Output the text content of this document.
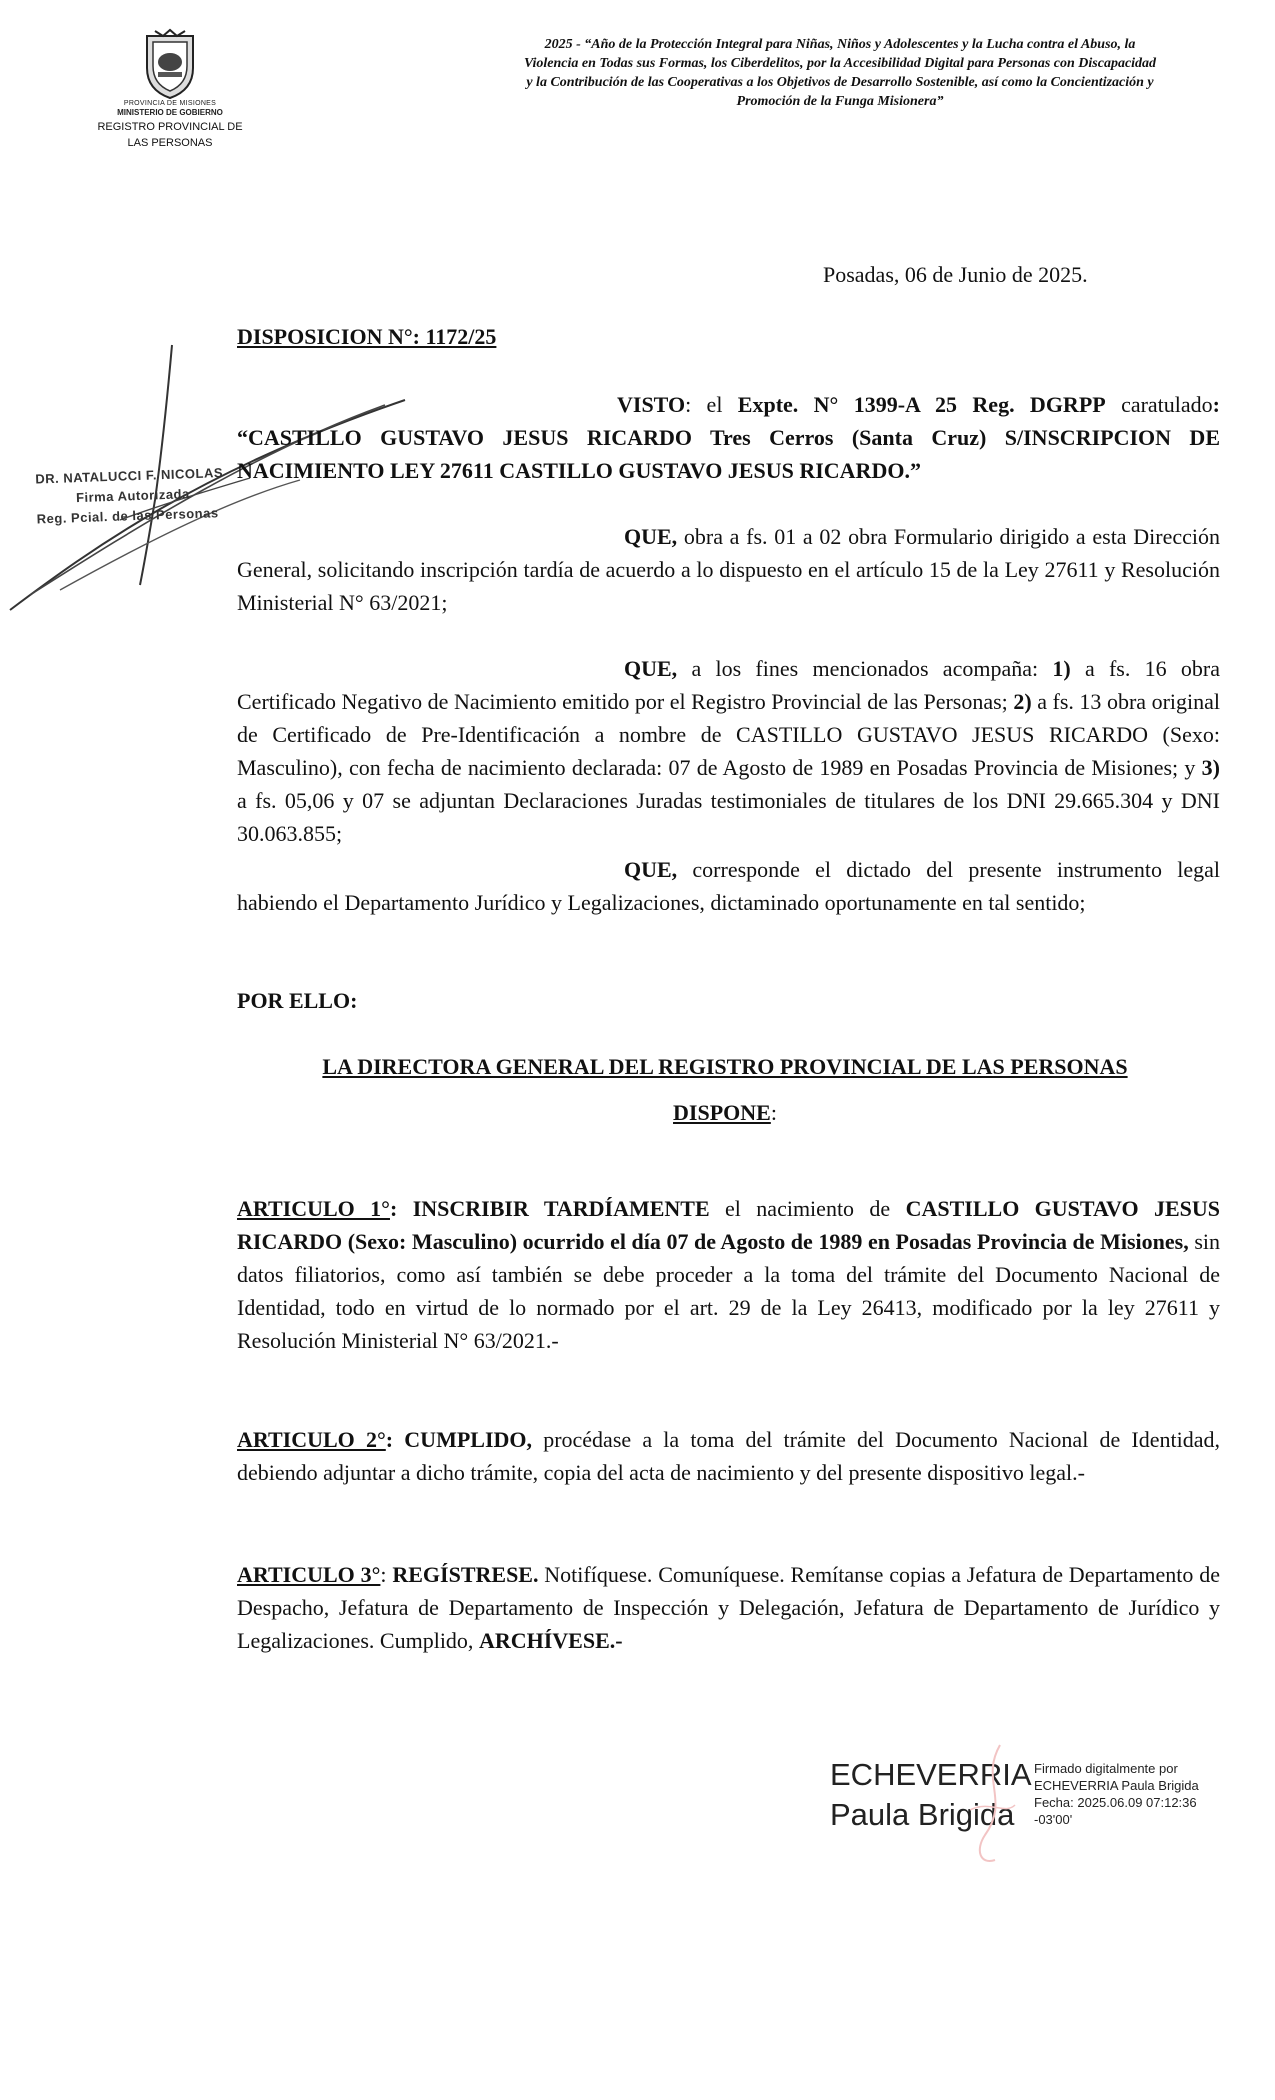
PROVINCIA DE MISIONES
MINISTERIO DE GOBIERNO
REGISTRO PROVINCIAL DE
LAS PERSONAS
2025 - “Año de la Protección Integral para Niñas, Niños y Adolescentes y la Lucha contra el Abuso, la Violencia en Todas sus Formas, los Ciberdelitos, por la Accesibilidad Digital para Personas con Discapacidad y la Contribución de las Cooperativas a los Objetivos de Desarrollo Sostenible, así como la Concientización y Promoción de la Funga Misionera”
DR. NATALUCCI F. NICOLAS
Firma Autorizada
Reg. Pcial. de las Personas
Posadas, 06 de Junio de 2025.
DISPOSICION N°: 1172/25
VISTO: el Expte. N° 1399-A 25 Reg. DGRPP caratulado: “CASTILLO GUSTAVO JESUS RICARDO Tres Cerros (Santa Cruz) S/INSCRIPCION DE NACIMIENTO LEY 27611 CASTILLO GUSTAVO JESUS RICARDO.”
QUE, obra a fs. 01 a 02 obra Formulario dirigido a esta Dirección General, solicitando inscripción tardía de acuerdo a lo dispuesto en el artículo 15 de la Ley 27611 y Resolución Ministerial N° 63/2021;
QUE, a los fines mencionados acompaña: 1) a fs. 16 obra Certificado Negativo de Nacimiento emitido por el Registro Provincial de las Personas; 2) a fs. 13 obra original de Certificado de Pre-Identificación a nombre de CASTILLO GUSTAVO JESUS RICARDO (Sexo: Masculino), con fecha de nacimiento declarada: 07 de Agosto de 1989 en Posadas Provincia de Misiones; y 3) a fs. 05,06 y 07 se adjuntan Declaraciones Juradas testimoniales de titulares de los DNI 29.665.304 y DNI 30.063.855;
QUE, corresponde el dictado del presente instrumento legal habiendo el Departamento Jurídico y Legalizaciones, dictaminado oportunamente en tal sentido;
POR ELLO:
LA DIRECTORA GENERAL DEL REGISTRO PROVINCIAL DE LAS PERSONAS
DISPONE:
ARTICULO 1°: INSCRIBIR TARDÍAMENTE el nacimiento de CASTILLO GUSTAVO JESUS RICARDO (Sexo: Masculino) ocurrido el día 07 de Agosto de 1989 en Posadas Provincia de Misiones, sin datos filiatorios, como así también se debe proceder a la toma del trámite del Documento Nacional de Identidad, todo en virtud de lo normado por el art. 29 de la Ley 26413, modificado por la ley 27611 y Resolución Ministerial N° 63/2021.-
ARTICULO 2°: CUMPLIDO, procédase a la toma del trámite del Documento Nacional de Identidad, debiendo adjuntar a dicho trámite, copia del acta de nacimiento y del presente dispositivo legal.-
ARTICULO 3°: REGÍSTRESE. Notifíquese. Comuníquese. Remítanse copias a Jefatura de Departamento de Despacho, Jefatura de Departamento de Inspección y Delegación, Jefatura de Departamento de Jurídico y Legalizaciones. Cumplido, ARCHÍVESE.-
ECHEVERRIA
Paula Brigida
Firmado digitalmente por
ECHEVERRIA Paula Brigida
Fecha: 2025.06.09 07:12:36
-03'00'
